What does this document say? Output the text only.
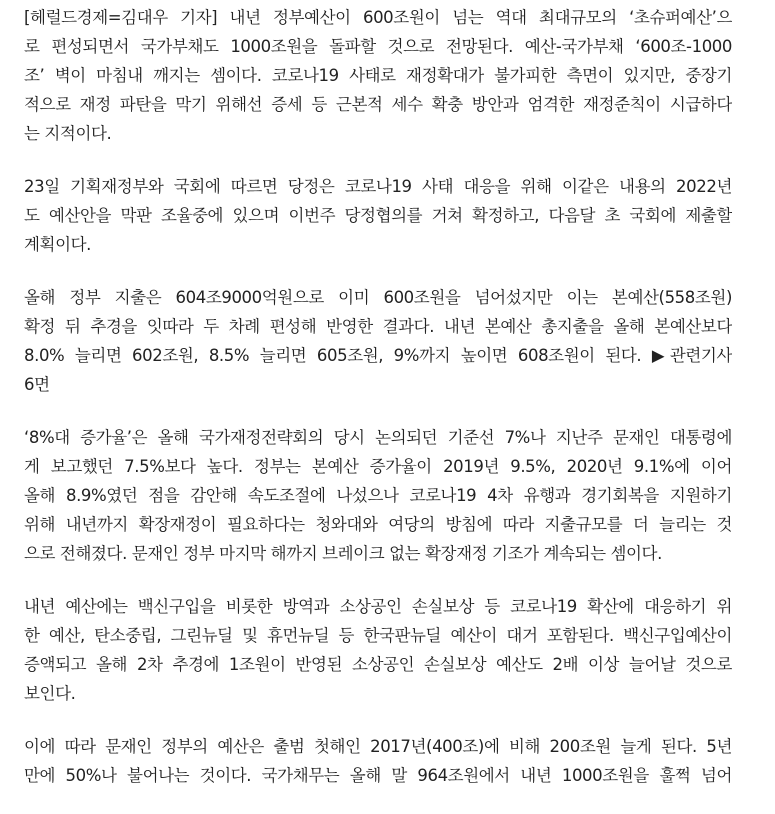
[헤럴드경제=김대우 기자] 내년 정부예산이 600조원이 넘는 역대 최대규모의 ‘초슈퍼예산’으
로 편성되면서 국가부채도 1000조원을 돌파할 것으로 전망된다. 예산-국가부채 ‘600조-1000
조’ 벽이 마침내 깨지는 셈이다. 코로나19 사태로 재정확대가 불가피한 측면이 있지만, 중장기
적으로 재정 파탄을 막기 위해선 증세 등 근본적 세수 확충 방안과 엄격한 재정준칙이 시급하다
는 지적이다.

23일 기획재정부와 국회에 따르면 당정은 코로나19 사태 대응을 위해 이같은 내용의 2022년
도 예산안을 막판 조율중에 있으며 이번주 당정협의를 거쳐 확정하고, 다음달 초 국회에 제출할
계획이다.

올해 정부 지출은 604조9000억원으로 이미 600조원을 넘어섰지만 이는 본예산(558조원)
확정 뒤 추경을 잇따라 두 차례 편성해 반영한 결과다. 내년 본예산 총지출을 올해 본예산보다
8.0% 늘리면 602조원, 8.5% 늘리면 605조원, 9%까지 높이면 608조원이 된다. ▶관련기사
6면

‘8%대 증가율’은 올해 국가재정전략회의 당시 논의되던 기준선 7%나 지난주 문재인 대통령에
게 보고했던 7.5%보다 높다. 정부는 본예산 증가율이 2019년 9.5%, 2020년 9.1%에 이어
올해 8.9%였던 점을 감안해 속도조절에 나섰으나 코로나19 4차 유행과 경기회복을 지원하기
위해 내년까지 확장재정이 필요하다는 청와대와 여당의 방침에 따라 지출규모를 더 늘리는 것
으로 전해졌다. 문재인 정부 마지막 해까지 브레이크 없는 확장재정 기조가 계속되는 셈이다.

내년 예산에는 백신구입을 비롯한 방역과 소상공인 손실보상 등 코로나19 확산에 대응하기 위
한 예산, 탄소중립, 그린뉴딜 및 휴먼뉴딜 등 한국판뉴딜 예산이 대거 포함된다. 백신구입예산이
증액되고 올해 2차 추경에 1조원이 반영된 소상공인 손실보상 예산도 2배 이상 늘어날 것으로
보인다.

이에 따라 문재인 정부의 예산은 출범 첫해인 2017년(400조)에 비해 200조원 늘게 된다. 5년
만에 50%나 불어나는 것이다. 국가채무는 올해 말 964조원에서 내년 1000조원을 훌쩍 넘어
